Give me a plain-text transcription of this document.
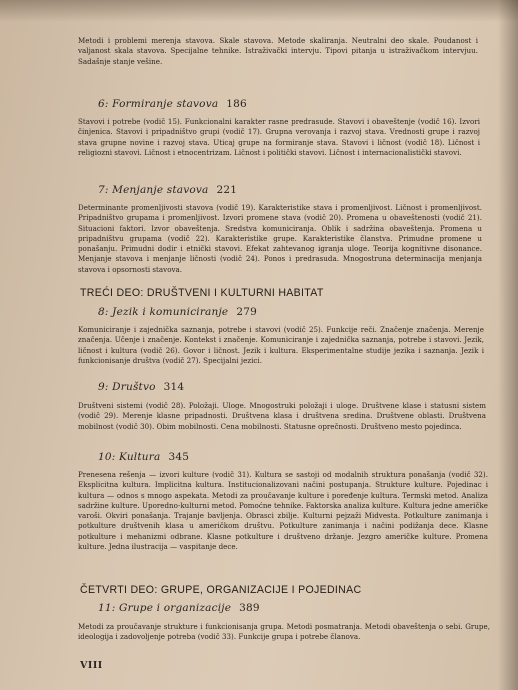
Metodi i problemi merenja stavova. Skale stavova. Metode skaliranja. Neutralni deo skale. Poudanost i valjanost skala stavova. Specijalne tehnike. Istraživački intervju. Tipovi pitanja u istraživačkom intervjuu. Sadašnje stanje vešine.
6: Formiranje stavova 186
Stavovi i potrebe (vodič 15). Funkcionalni karakter rasne predrasude. Stavovi i obaveštenje (vodič 16). Izvori činjenica. Stavovi i pripadništvo grupi (vodič 17). Grupna verovanja i razvoj stava. Vrednosti grupe i razvoj stava grupne novine i razvoj stava. Uticaj grupe na formiranje stava. Stavovi i ličnost (vodič 18). Ličnost i religiozni stavovi. Ličnost i etnocentrizam. Ličnost i politički stavovi. Ličnost i internacionalistički stavovi.
7: Menjanje stavova 221
Determinante promenljivosti stavova (vodič 19). Karakteristike stava i promenljivost. Ličnost i promenljivost. Pripadništvo grupama i promenljivost. Izvori promene stava (vodič 20). Promena u obaveštenosti (vodič 21). Situacioni faktori. Izvor obaveštenja. Sredstva komuniciranja. Oblik i sadržina obaveštenja. Promena u pripadništvu grupama (vodič 22). Karakteristike grupe. Karakteristike članstva. Primudne promene u ponašanju. Primudni dodir i etnički stavovi. Efekat zahtevanog igranja uloge. Teorija kognitivne disonance. Menjanje stavova i menjanje ličnosti (vodič 24). Ponos i predrasuda. Mnogostruna determinacija menjanja stavova i opsornosti stavova.
TREĆI DEO: DRUŠTVENI I KULTURNI HABITAT
8: Jezik i komuniciranje 279
Komuniciranje i zajednička saznanja, potrebe i stavovi (vodič 25). Funkcije reči. Značenje značenja. Merenje značenja. Učenje i značenje. Kontekst i značenje. Komuniciranje i zajednička saznanja, potrebe i stavovi. Jezik, ličnost i kultura (vodič 26). Govor i ličnost. Jezik i kultura. Eksperimentalne studije jezika i saznanja. Jezik i funkcionisanje društva (vodič 27). Specijalni jezici.
9: Društvo 314
Društveni sistemi (vodič 28). Položaji. Uloge. Mnogostruki položaji i uloge. Društvene klase i statusni sistem (vodič 29). Merenje klasne pripadnosti. Društvena klasa i društvena sredina. Društvene oblasti. Društvena mobilnost (vodič 30). Obim mobilnosti. Cena mobilnosti. Statusne oprečnosti. Društveno mesto pojedinca.
10: Kultura 345
Prenesena rešenja — izvori kulture (vodič 31). Kultura se sastoji od modalnih struktura ponašanja (vodič 32). Eksplicitna kultura. Implicitna kultura. Institucionalizovani načini postupanja. Strukture kulture. Pojedinac i kultura — odnos s mnogo aspekata. Metodi za proučavanje kulture i poređenje kultura. Termski metod. Analiza sadržine kulture. Uporedno-kulturni metod. Pomoćne tehnike. Faktorska analiza kulture. Kultura jedne američke varoši. Okviri ponašanja. Trajanje bavljenja. Obrasci zbilje. Kulturni pejzaži Midvesta. Potkulture zanimanja i potkulture društvenih klasa u američkom društvu. Potkulture zanimanja i načini podižanja dece. Klasne potkulture i mehanizmi odbrane. Klasne potkulture i društveno držanje. Jezgro američke kulture. Promena kulture. Jedna ilustracija — vaspitanje dece.
ČETVRTI DEO: GRUPE, ORGANIZACIJE I POJEDINAC
11: Grupe i organizacije 389
Metodi za proučavanje strukture i funkcionisanja grupa. Metodi posmatranja. Metodi obaveštenja o sebi. Grupe, ideologija i zadovoljenje potreba (vodič 33). Funkcije grupa i potrebe članova.
VIII
